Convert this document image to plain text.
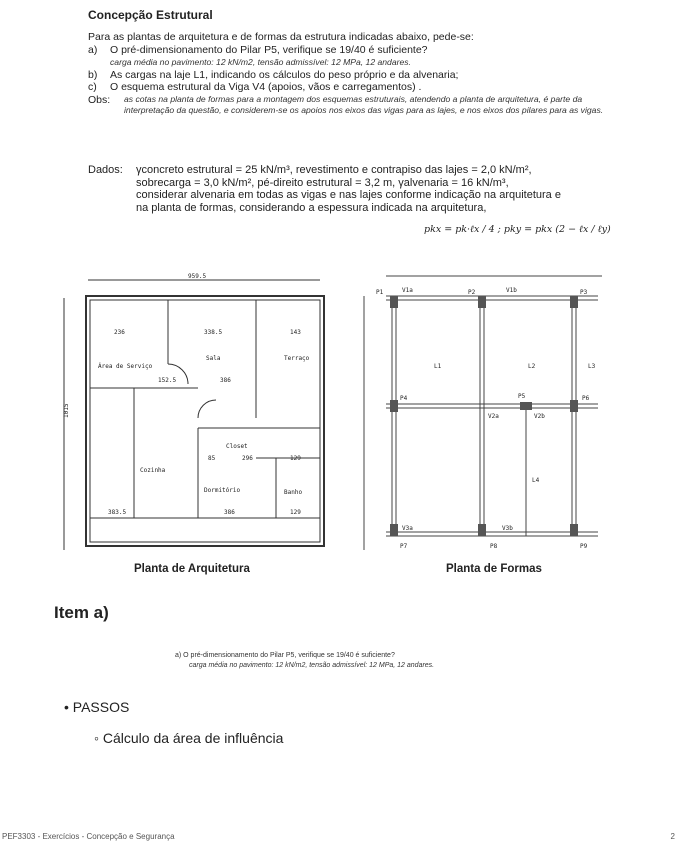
Concepção Estrutural
Para as plantas de arquitetura e de formas da estrutura indicadas abaixo, pede-se:
a)	O pré-dimensionamento do Pilar P5, verifique se 19/40 é suficiente?
carga média no pavimento: 12 kN/m2, tensão admissível: 12 MPa, 12 andares.
b)	As cargas na laje L1, indicando os cálculos do peso próprio e da alvenaria;
c)	O esquema estrutural da Viga V4 (apoios, vãos e carregamentos) .
Obs:	as cotas na planta de formas para a montagem dos esquemas estruturais, atendendo a planta de arquitetura, é parte da interpretação da questão, e considerem-se os apoios nos eixos das vigas para as lajes, e nos eixos dos pilares para as vigas.
Dados:	γconcreto estrutural = 25 kN/m³, revestimento e contrapiso das lajes = 2,0 kN/m²,
sobrecarga = 3,0 kN/m², pé-direito estrutural = 3,2 m, γalvenaria = 16 kN/m³,
considerar alvenaria em todas as vigas e nas lajes conforme indicação na arquitetura e
na planta de formas, considerando a espessura indicada na arquitetura,
pkx = pk·ℓx / 4 ; pky = pkx (2 − ℓx / ℓy)
959.5
1015
Área de Serviço
Sala	Terraço
Cozinha
Closet
Dormitório	Banho
236	338.5	143
152.5	386
85	296	129
383.5	386	129
Planta de Arquitetura
P1	P2	P3
P4	P5	P6
P7	P8	P9
V1a	V1b
V2a	V2b
V3a	V3b
L1	L2	L3
L4
Planta de Formas
Item a)
a) O pré-dimensionamento do Pilar P5, verifique se 19/40 é suficiente?
carga média no pavimento: 12 kN/m2, tensão admissível: 12 MPa, 12 andares.
• PASSOS
◦ Cálculo da área de influência
PEF3303 - Exercícios - Concepção e Segurança	2
